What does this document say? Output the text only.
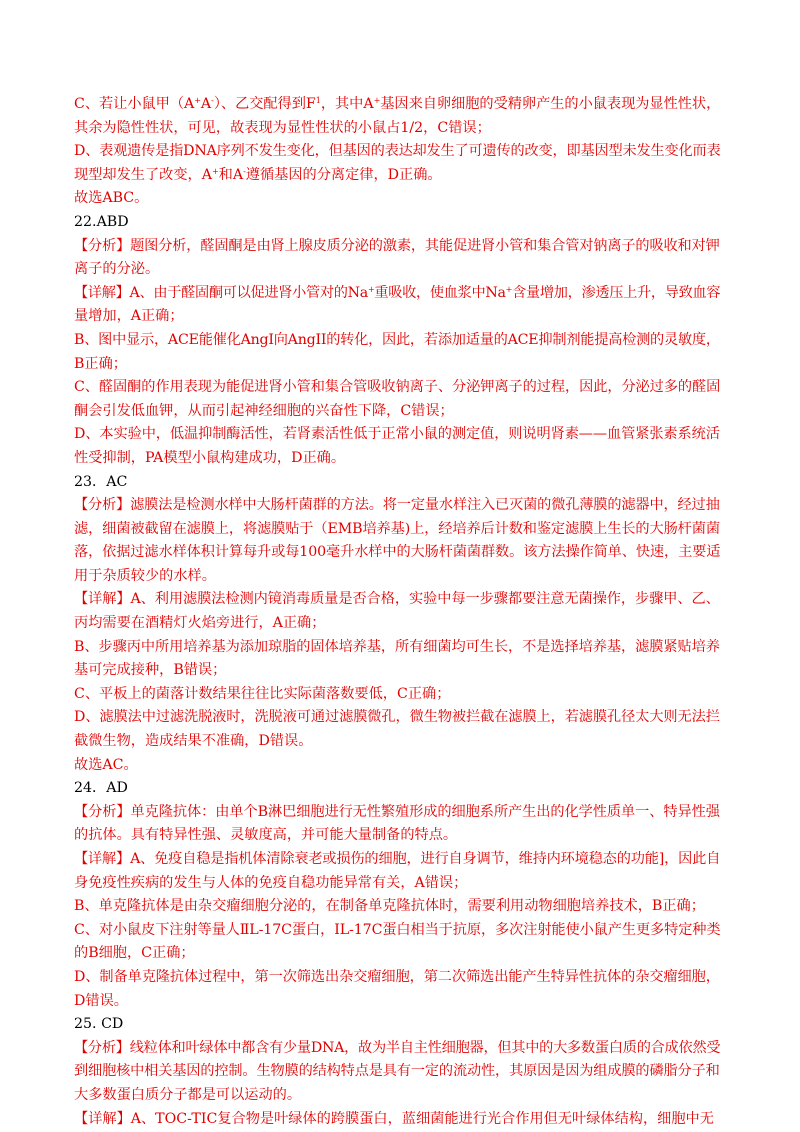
C、若让小鼠甲（A+A-）、乙交配得到$F^1$，其中A+基因来自卵细胞的受精卵产生的小鼠表现为显性性状，
其余为隐性性状，可见，故表现为显性性状的小鼠占1/2，C错误；
D、表观遗传是指DNA序列不发生变化，但基因的表达却发生了可遗传的改变，即基因型未发生变化而表
现型却发生了改变，A+和A-遵循基因的分离定律，D正确。
故选ABC。
22.ABD
【分析】题图分析，醛固酮是由肾上腺皮质分泌的激素，其能促进肾小管和集合管对钠离子的吸收和对钾
离子的分泌。
【详解】A、由于醛固酮可以促进肾小管对的Na+重吸收，使血浆中Na+含量增加，渗透压上升，导致血容
量增加，A正确；
B、图中显示，ACE能催化AngI向AngII的转化，因此，若添加适量的ACE抑制剂能提高检测的灵敏度，
B正确；
C、醛固酮的作用表现为能促进肾小管和集合管吸收钠离子、分泌钾离子的过程，因此，分泌过多的醛固
酮会引发低血钾，从而引起神经细胞的兴奋性下降，C错误；
D、本实验中，低温抑制酶活性，若肾素活性低于正常小鼠的测定值，则说明肾素——血管紧张素系统活
性受抑制，PA模型小鼠构建成功，D正确。
23．AC
【分析】滤膜法是检测水样中大肠杆菌群的方法。将一定量水样注入已灭菌的微孔薄膜的滤器中，经过抽
滤，细菌被截留在滤膜上，将滤膜贴于（EMB培养基)上，经培养后计数和鉴定滤膜上生长的大肠杆菌菌
落，依据过滤水样体积计算每升或每100毫升水样中的大肠杆菌菌群数。该方法操作简单、快速，主要适
用于杂质较少的水样。
【详解】A、利用滤膜法检测内镜消毒质量是否合格，实验中每一步骤都要注意无菌操作，步骤甲、乙、
丙均需要在酒精灯火焰旁进行，A正确；
B、步骤丙中所用培养基为添加琼脂的固体培养基，所有细菌均可生长，不是选择培养基，滤膜紧贴培养
基可完成接种，B错误；
C、平板上的菌落计数结果往往比实际菌落数要低，C正确；
D、滤膜法中过滤洗脱液时，洗脱液可通过滤膜微孔，微生物被拦截在滤膜上，若滤膜孔径太大则无法拦
截微生物，造成结果不准确，D错误。
故选AC。
24．AD
【分析】单克隆抗体：由单个B淋巴细胞进行无性繁殖形成的细胞系所产生出的化学性质单一、特异性强
的抗体。具有特异性强、灵敏度高，并可能大量制备的特点。
【详解】A、免疫自稳是指机体清除衰老或损伤的细胞，进行自身调节，维持内环境稳态的功能]，因此自
身免疫性疾病的发生与人体的免疫自稳功能异常有关，A错误；
B、单克隆抗体是由杂交瘤细胞分泌的，在制备单克隆抗体时，需要利用动物细胞培养技术，B正确；
C、对小鼠皮下注射等量人ⅡL-17C蛋白，IL-17C蛋白相当于抗原，多次注射能使小鼠产生更多特定种类
的B细胞，C正确；
D、制备单克隆抗体过程中，第一次筛选出杂交瘤细胞，第二次筛选出能产生特异性抗体的杂交瘤细胞，
D错误。
25. CD
【分析】线粒体和叶绿体中都含有少量DNA，故为半自主性细胞器，但其中的大多数蛋白质的合成依然受
到细胞核中相关基因的控制。生物膜的结构特点是具有一定的流动性，其原因是因为组成膜的磷脂分子和
大多数蛋白质分子都是可以运动的。
【详解】A、TOC-TIC复合物是叶绿体的跨膜蛋白，蓝细菌能进行光合作用但无叶绿体结构，细胞中无
